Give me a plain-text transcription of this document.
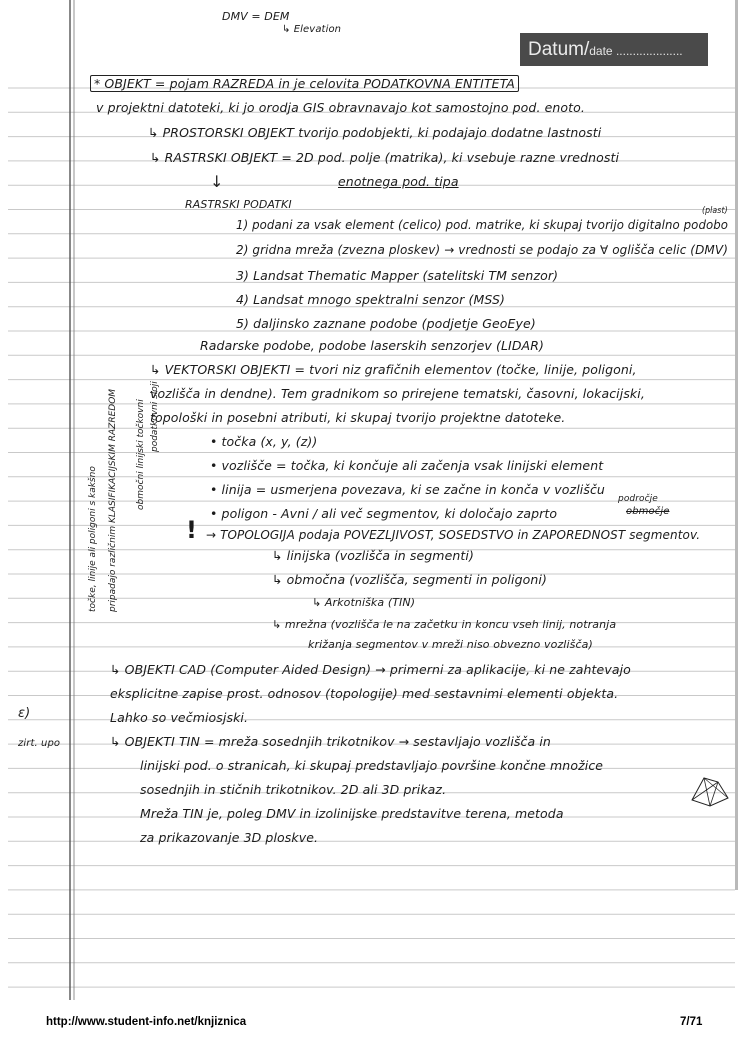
Datum/date ....................
DMV = DEM
↳ Elevation
* OBJEKT = pojam RAZREDA in je celovita PODATKOVNA ENTITETA
v projektni datoteki, ki jo orodja GIS obravnavajo kot samostojno pod. enoto.
↳ PROSTORSKI OBJEKT tvorijo podobjekti, ki podajajo dodatne lastnosti
↳ RASTRSKI OBJEKT = 2D pod. polje (matrika), ki vsebuje razne vrednosti
enotnega pod. tipa
↓
RASTRSKI PODATKI
1) podani za vsak element (celico) pod. matrike, ki skupaj tvorijo digitalno podobo
2) gridna mreža (zvezna ploskev) → vrednosti se podajo za ∀ oglišča celic (DMV)
3) Landsat Thematic Mapper (satelitski TM senzor)
4) Landsat mnogo spektralni senzor (MSS)
5) daljinsko zaznane podobe (podjetje GeoEye)
Radarske podobe, podobe laserskih senzorjev (LIDAR)
↳ VEKTORSKI OBJEKTI = tvori niz grafičnih elementov (točke, linije, poligoni,
vozlišča in dendne). Tem gradnikom so prirejene tematski, časovni, lokacijski,
topološki in posebni atributi, ki skupaj tvorijo projektne datoteke.
• točka (x, y, (z))
• vozlišče = točka, ki končuje ali začenja vsak linijski element
• linija = usmerjena povezava, ki se začne in konča v vozlišču
• poligon - Avni / ali več segmentov, ki določajo zaprto
področje
območje
(plast)
! → TOPOLOGIJA podaja POVEZLJIVOST, SOSEDSTVO in ZAPOREDNOST segmentov.
↳ linijska (vozlišča in segmenti)
↳ območna (vozlišča, segmenti in poligoni)
↳ Arkotniška (TIN)
↳ mrežna (vozlišča le na začetku in koncu vseh linij, notranja
križanja segmentov v mreži niso obvezno vozlišča)
↳ OBJEKTI CAD (Computer Aided Design) → primerni za aplikacije, ki ne zahtevajo
eksplicitne zapise prost. odnosov (topologije) med sestavnimi elementi objekta.
Lahko so večmiosjski.
↳ OBJEKTI TIN = mreža sosednjih trikotnikov → sestavljajo vozlišča in
linijski pod. o stranicah, ki skupaj predstavljajo površine končne množice
sosednjih in stičnih trikotnikov. 2D ali 3D prikaz.
Mreža TIN je, poleg DMV in izolinijske predstavitve terena, metoda
za prikazovanje 3D ploskve.
ɛ)
zirt. upo
točke, linije ali poligoni s kakšno pripadajo različnim KLASIFIKACIJSKIM RAZREDOM območni linijski točkovni podatkovni sloji
http://www.student-info.net/knjiznica	7/71
